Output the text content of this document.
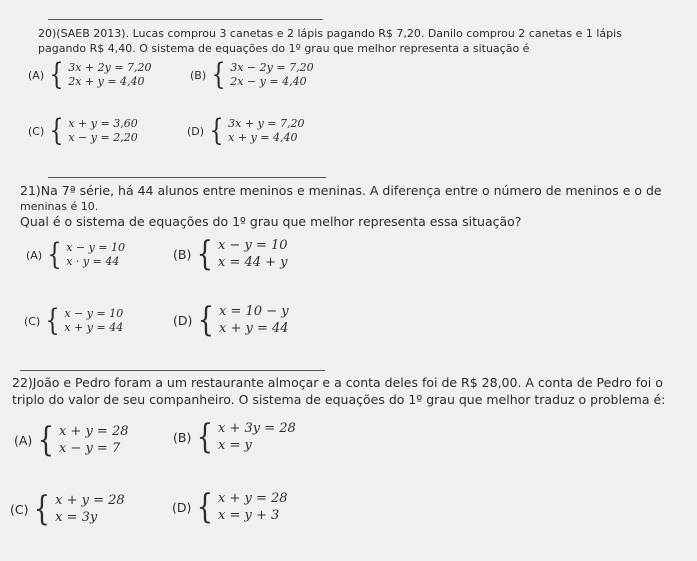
20)(SAEB 2013). Lucas comprou 3 canetas e 2 lápis pagando R$ 7,20. Danilo comprou 2 canetas e 1 lápis
pagando R$ 4,40. O sistema de equações do 1º grau que melhor representa a situação é
(A) { 3x + 2y = 7,20
2x + y = 4,40	(B) { 3x − 2y = 7,20
2x − y = 4,40
(C) { x + y = 3,60
x − y = 2,20	(D) { 3x + y = 7,20
x + y = 4,40
21)Na 7ª série, há 44 alunos entre meninos e meninas. A diferença entre o número de meninos e o de
meninas é 10.
Qual é o sistema de equações do 1º grau que melhor representa essa situação?
(A) { x − y = 10
x · y = 44	(B) { x − y = 10
x = 44 + y
(C) { x − y = 10
x + y = 44	(D) { x = 10 − y
x + y = 44
22)João e Pedro foram a um restaurante almoçar e a conta deles foi de R$ 28,00. A conta de Pedro foi o
triplo do valor de seu companheiro. O sistema de equações do 1º grau que melhor traduz o problema é:
(A) { x + y = 28
x − y = 7
(B) { x + 3y = 28
x = y
(C) { x + y = 28
x = 3y
(D) { x + y = 28
x = y + 3
